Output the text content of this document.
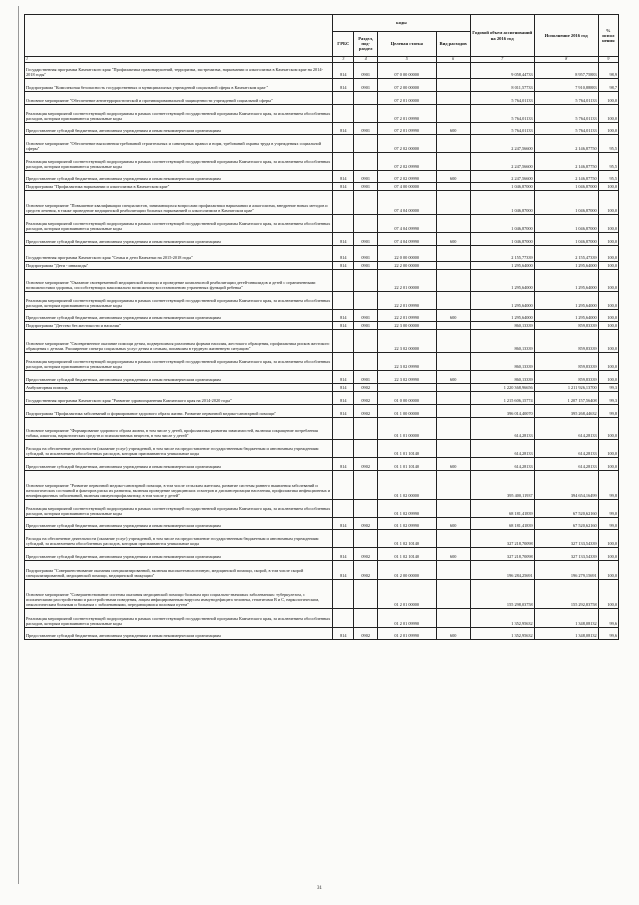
	коды				Годовой объем ассигнований на 2016 год	Исполнение 2016 год	% испол нения
	ГРБС	Раздел, под-раздел	Целевая статья	Вид расходов			
1	3	4	5	6	7	8	9
Государственная программа Камчатского края "Профилактика правонарушений, терроризма, экстремизма, наркомании и алкоголизма в Камчатском крае на 2014-2018 годы"	814	0901	07 0 00 00000		9 058,44733	8 957,75883	98,9
Подпрограмма "Комплексная безопасность государственных и муниципальных учреждений социальной сферы в Камчатском крае "	814	0901	07 2 00 00000		8 011,57733	7 910,88883	98,7
Основное мероприятие "Обеспечение антитеррористической и противокриминальной защищенности учреждений социальной сферы"			07 2 01 00000		5 764,01133	5 764,01133	100,0
Реализация мероприятий соответствующей подпрограммы в рамках соответствующей государственной программы Камчатского края, за исключением обособленных расходов, которым присваиваются уникальные коды			07 2 01 09990		5 764,01133	5 764,01133	100,0
Предоставление субсидий бюджетным, автономным учреждениям и иным некоммерческим организациям	814	0901	07 2 01 09990	600	5 764,01133	5 764,01133	100,0
Основное мероприятие "Обеспечение выполнения требований строительных и санитарных правил и норм, требований охраны труда в учреждениях социальной сферы"			07 2 02 00000		2 247,56600	2 146,87750	95,5
Реализация мероприятий соответствующей подпрограммы в рамках соответствующей государственной программы Камчатского края, за исключением обособленных расходов, которым присваиваются уникальные коды			07 2 02 09990		2 247,56600	2 146,87750	95,5
Предоставление субсидий бюджетным, автономным учреждениям и иным некоммерческим организациям	814	0901	07 2 02 09990	600	2 247,56600	2 146,87750	95,5
Подпрограмма "Профилактика наркомании и алкоголизма в Камчатском крае"	814	0901	07 4 00 00000		1 046,87000	1 046,87000	100,0
Основное мероприятие "Повышение квалификации специалистов, занимающихся вопросами профилактики наркомании и алкоголизма, внедрение новых методов и средств лечения, в также проведение медицинской реабилитации больных наркоманией и алкоголизмом в Камчатском крае"			07 4 04 00000		1 046,87000	1 046,87000	100,0
Реализация мероприятий соответствующей подпрограммы в рамках соответствующей государственной программы Камчатского края, за исключением обособленных расходов, которым присваиваются уникальные коды			07 4 04 09990		1 046,87000	1 046,87000	100,0
Предоставление субсидий бюджетным, автономным учреждениям и иным некоммерческим организациям	814	0901	07 4 04 09990	600	1 046,87000	1 046,87000	100,0
Государственная программа Камчатского края "Семья и дети Камчатки на 2015-2018 годы"	814	0901	22 0 00 00000		2 155,77339	2 155,47339	100,0
Подпрограмма "Дети - инвалиды"	814	0901	22 2 00 00000		1 295,64000	1 295,64000	100,0
Основное мероприятие "Оказание своевременной медицинской помощи и проведение комплексной реабилитации детей-инвалидов и детей с ограниченными возможностями здоровья, способствующих максимально возможному восстановлению утраченных функций ребенка"			22 2 01 00000		1 295,64000	1 295,64000	100,0
Реализация мероприятий соответствующей подпрограммы в рамках соответствующей государственной программы Камчатского края, за исключением обособленных расходов, которым присваиваются уникальные коды			22 2 01 09990		1 295,64000	1 295,64000	100,0
Предоставление субсидий бюджетным, автономным учреждениям и иным некоммерческим организациям	814	0901	22 2 01 09990	600	1 295,64000	1 295,64000	100,0
Подпрограмма "Детство без жестокости и насилия"	814	0901	22 3 00 00000		860,13339	859,83339	100,0
Основное мероприятие "Своевременное оказание помощи детям, подвергшимся различным формам насилия, жестокого обращения, профилактика рисков жестокого обращения с детьми. Расширение спектра социальных услуг детям и семьям, попавшим в трудную жизненную ситуацию"			22 3 02 00000		860,13339	859,83339	100,0
Реализация мероприятий соответствующей подпрограммы в рамках соответствующей государственной программы Камчатского края, за исключением обособленных расходов, которым присваиваются уникальные коды			22 3 02 09990		860,13339	859,83339	100,0
Предоставление субсидий бюджетным, автономным учреждениям и иным некоммерческим организациям	814	0901	22 3 02 09990	600	860,13339	859,83339	100,0
Амбулаторная помощь	814	0902			1 220 368,96656	1 211 926,13700	99,3
Государственная программа Камчатского края "Развитие здравоохранения Камчатского края на 2014-2020 годы"	814	0902	01 0 00 00000		1 215 606,15774	1 207 157,56408	99,3
Подпрограмма "Профилактика заболеваний и формирование здорового образа жизни. Развитие первичной медико-санитарной помощи"	814	0902	01 1 00 00000		396 014,40070	395 268,44632	99,8
Основное мероприятие "Формирование здорового образа жизни, в том числе у детей, профилактика развития зависимостей, включая сокращение потребления табака, алкоголя, наркотических средств и психоактивных веществ, в том числе у детей"			01 1 01 00000		614,28133	614,28133	100,0
Расходы на обеспечение деятельности (оказание услуг) учреждений, в том числе на предоставление государственным бюджетным и автономным учреждениям субсидий, за исключением обособленных расходов, которым присваиваются уникальные коды			01 1 01 10140		614,28133	614,28133	100,0
Предоставление субсидий бюджетным, автономным учреждениям и иным некоммерческим организациям	814	0902	01 1 01 10140	600	614,28133	614,28133	100,0
Основное мероприятие "Развитие первичной медико-санитарной помощи, в том числе сельским жителям, развитие системы раннего выявления заболеваний и патологических состояний и факторов риска их развития, включая проведение медицинских осмотров и диспансеризации населения, профилактика инфекционных и неинфекционных заболеваний, включая иммунопрофилактику, в том числе у детей"			01 1 02 00000		395 400,11937	394 654,16499	99,8
Реализация мероприятий соответствующей подпрограммы в рамках соответствующей государственной программы Камчатского края, за исключением обособленных расходов, которым присваиваются уникальные коды			01 1 02 09990		68 181,41839	67 520,62160	99,0
Предоставление субсидий бюджетным, автономным учреждениям и иным некоммерческим организациям	814	0902	01 1 02 09990	600	68 181,41839	67 520,62160	99,0
Расходы на обеспечение деятельности (оказание услуг) учреждений, в том числе на предоставление государственным бюджетным и автономным учреждениям субсидий, за исключением обособленных расходов, которым присваиваются уникальные коды			01 1 02 10140		327 218,70098	327 133,54339	100,0
Предоставление субсидий бюджетным, автономным учреждениям и иным некоммерческим организациям	814	0902	01 1 02 10140	600	327 218,70098	327 133,54339	100,0
Подпрограмма "Совершенствование оказания специализированной, включая высокотехнологичную, медицинской помощи, скорой, в том числе скорой специализированной, медицинской помощи, медицинской эвакуации"	814	0902	01 2 00 00000		196 284,25691	196 279,15691	100,0
Основное мероприятие "Совершенствование системы оказания медицинской помощи больным при социально-значимых заболеваниях: туберкулезом, с психическими расстройствами и расстройствами поведения, лицам инфицированным вирусом иммунодефицита человека, гепатитами В и С, наркологическим, онкологическим больным и больным с заболеваниями, передающимися половым путем"			01 2 01 00000		155 298,03758	155 292,83758	100,0
Реализация мероприятий соответствующей подпрограммы в рамках соответствующей государственной программы Камчатского края, за исключением обособленных расходов, которым присваиваются уникальные коды			01 2 01 09990		1 352,95632	1 348,08132	99,6
Предоставление субсидий бюджетным, автономным учреждениям и иным некоммерческим организациям	814	0902	01 2 01 09990	600	1 352,95632	1 348,08132	99,6
31
